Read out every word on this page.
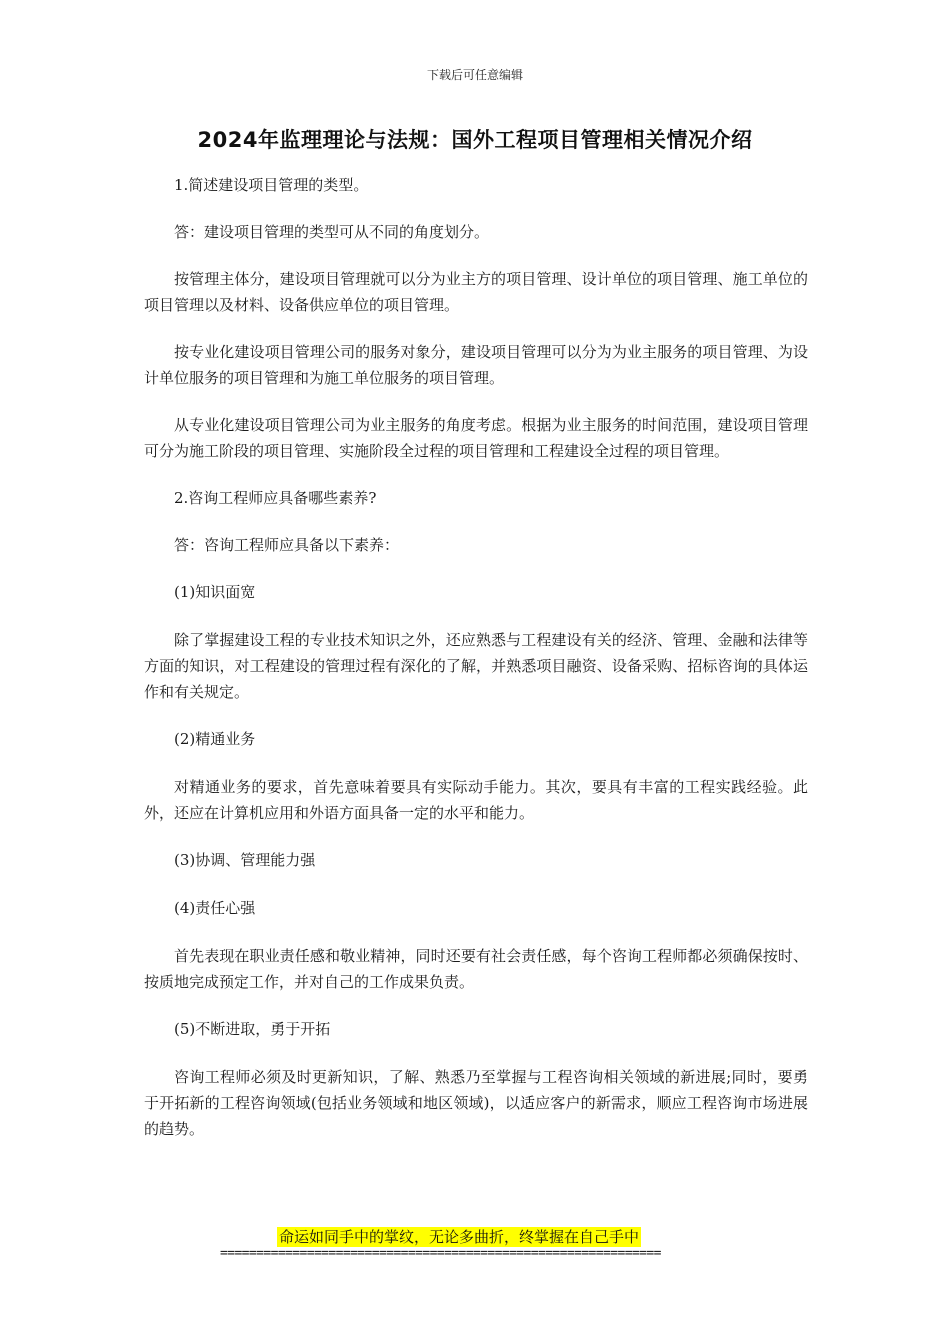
下载后可任意编辑
2024年监理理论与法规：国外工程项目管理相关情况介绍

1.简述建设项目管理的类型。

答：建设项目管理的类型可从不同的角度划分。

按管理主体分，建设项目管理就可以分为业主方的项目管理、设计单位的项目管理、施工单位的项目管理以及材料、设备供应单位的项目管理。

按专业化建设项目管理公司的服务对象分，建设项目管理可以分为为业主服务的项目管理、为设计单位服务的项目管理和为施工单位服务的项目管理。

从专业化建设项目管理公司为业主服务的角度考虑。根据为业主服务的时间范围，建设项目管理可分为施工阶段的项目管理、实施阶段全过程的项目管理和工程建设全过程的项目管理。

2.咨询工程师应具备哪些素养?

答：咨询工程师应具备以下素养：

(1)知识面宽

除了掌握建设工程的专业技术知识之外，还应熟悉与工程建设有关的经济、管理、金融和法律等方面的知识，对工程建设的管理过程有深化的了解，并熟悉项目融资、设备采购、招标咨询的具体运作和有关规定。

(2)精通业务

对精通业务的要求，首先意味着要具有实际动手能力。其次，要具有丰富的工程实践经验。此外，还应在计算机应用和外语方面具备一定的水平和能力。

(3)协调、管理能力强

(4)责任心强

首先表现在职业责任感和敬业精神，同时还要有社会责任感，每个咨询工程师都必须确保按时、按质地完成预定工作，并对自己的工作成果负责。

(5)不断进取，勇于开拓

咨询工程师必须及时更新知识，了解、熟悉乃至掌握与工程咨询相关领域的新进展;同时，要勇于开拓新的工程咨询领域(包括业务领域和地区领域)，以适应客户的新需求，顺应工程咨询市场进展的趋势。

命运如同手中的掌纹，无论多曲折，终掌握在自己手中
=============================================================
